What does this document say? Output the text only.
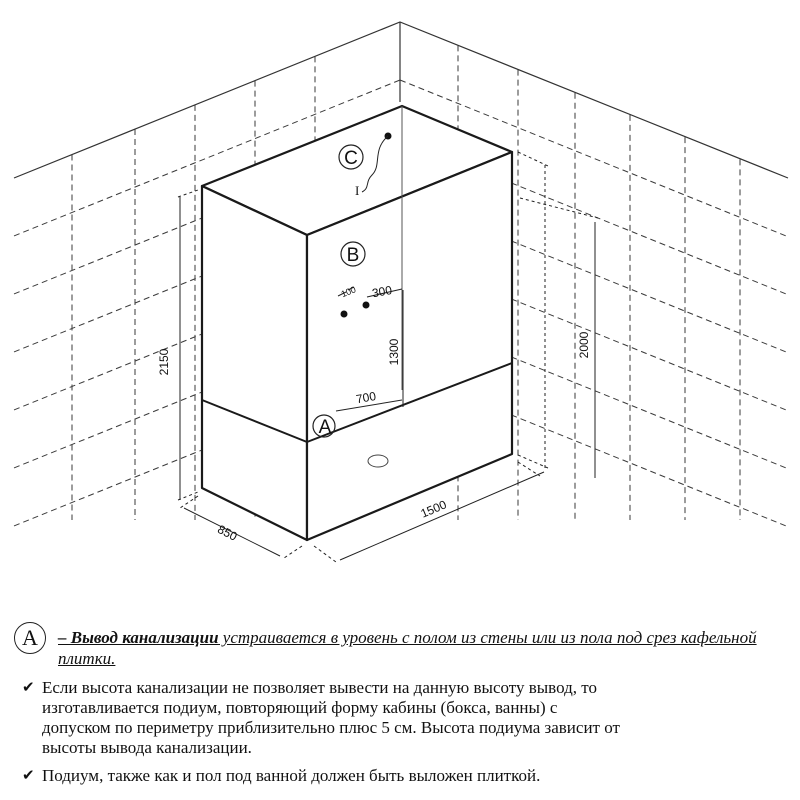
C
I
B
100 300
1300
700
A
2150
2000
850
1500
A	– Вывод канализации устраивается в уровень с полом из стены или из пола под срез кафельной плитки.
✔ Если высота канализации не позволяет вывести на данную высоту вывод, то
изготавливается подиум, повторяющий форму кабины (бокса, ванны) с
допуском по периметру приблизительно плюс 5 см. Высота подиума зависит от
высоты вывода канализации.
✔ Подиум, также как и пол под ванной должен быть выложен плиткой.
